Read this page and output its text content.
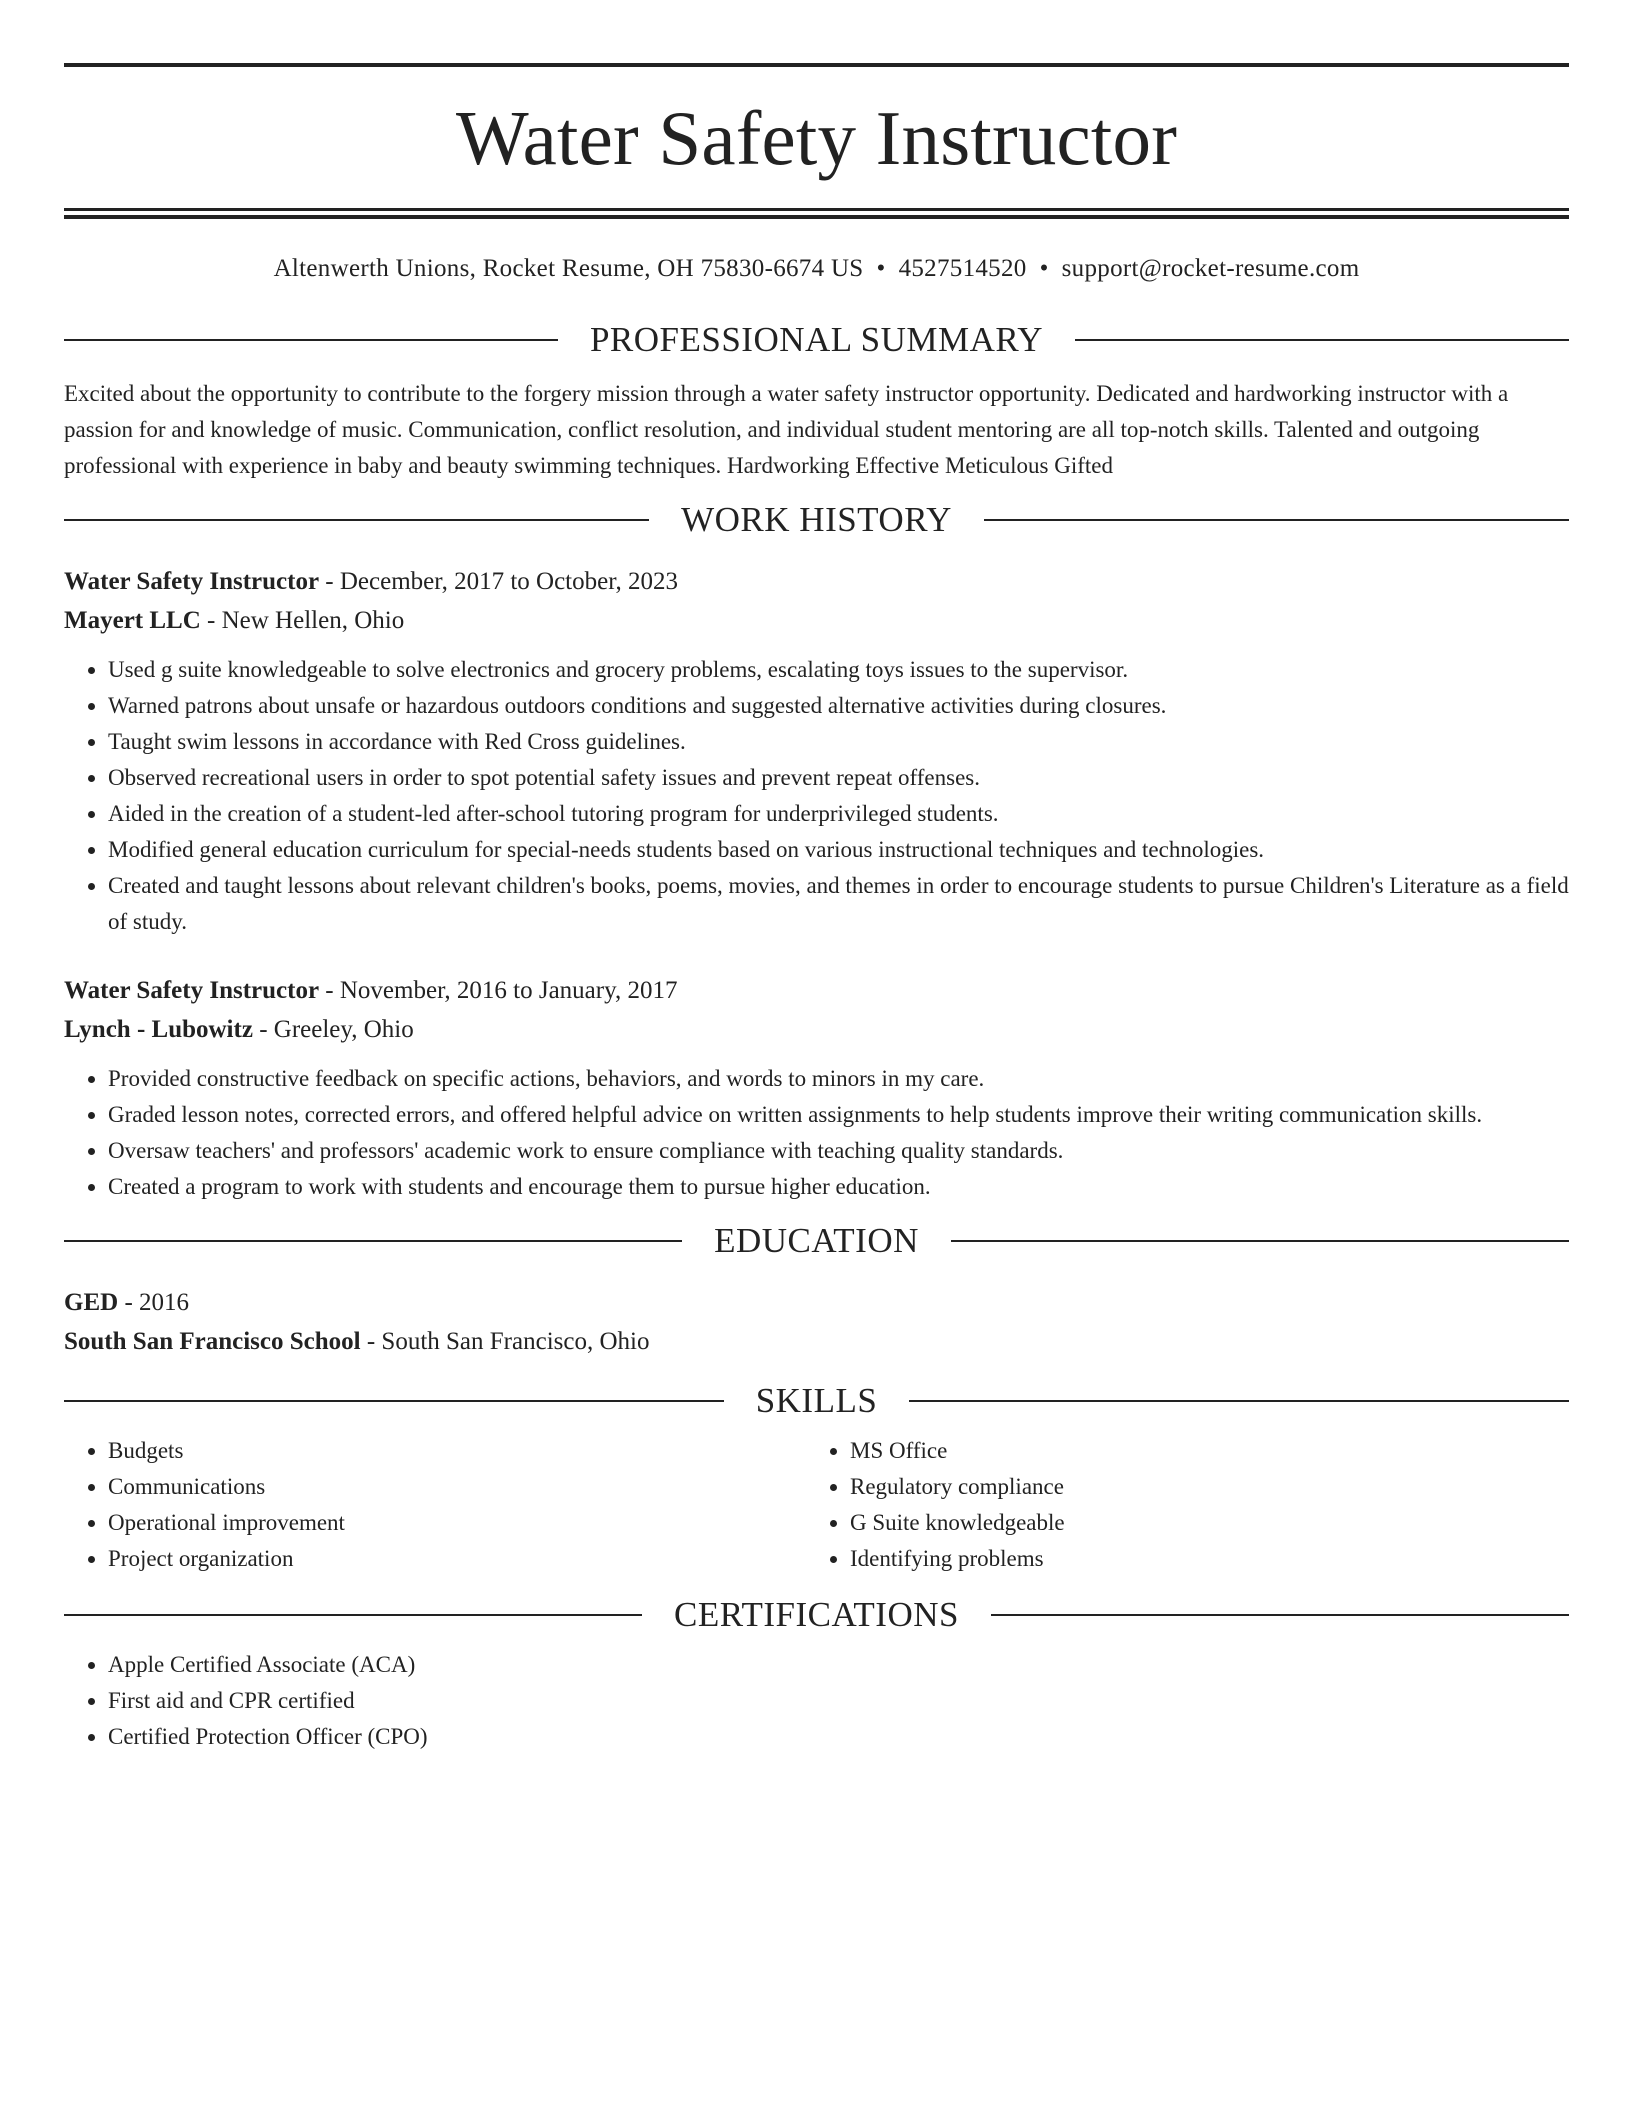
Water Safety Instructor
Altenwerth Unions, Rocket Resume, OH 75830-6674 US • 4527514520 • support@rocket-resume.com
PROFESSIONAL SUMMARY

Excited about the opportunity to contribute to the forgery mission through a water safety instructor opportunity. Dedicated and hardworking instructor with a passion for and knowledge of music. Communication, conflict resolution, and individual student mentoring are all top-notch skills. Talented and outgoing professional with experience in baby and beauty swimming techniques. Hardworking Effective Meticulous Gifted

WORK HISTORY
Water Safety Instructor - December, 2017 to October, 2023
Mayert LLC - New Hellen, Ohio
• Used g suite knowledgeable to solve electronics and grocery problems, escalating toys issues to the supervisor.
• Warned patrons about unsafe or hazardous outdoors conditions and suggested alternative activities during closures.
• Taught swim lessons in accordance with Red Cross guidelines.
• Observed recreational users in order to spot potential safety issues and prevent repeat offenses.
• Aided in the creation of a student-led after-school tutoring program for underprivileged students.
• Modified general education curriculum for special-needs students based on various instructional techniques and technologies.
• Created and taught lessons about relevant children's books, poems, movies, and themes in order to encourage students to pursue Children's Literature as a field of study.
Water Safety Instructor - November, 2016 to January, 2017
Lynch - Lubowitz - Greeley, Ohio
• Provided constructive feedback on specific actions, behaviors, and words to minors in my care.
• Graded lesson notes, corrected errors, and offered helpful advice on written assignments to help students improve their writing communication skills.
• Oversaw teachers' and professors' academic work to ensure compliance with teaching quality standards.
• Created a program to work with students and encourage them to pursue higher education.
EDUCATION
GED - 2016
South San Francisco School - South San Francisco, Ohio
SKILLS
• Budgets
• Communications
• Operational improvement
• Project organization
• MS Office
• Regulatory compliance
• G Suite knowledgeable
• Identifying problems
CERTIFICATIONS
• Apple Certified Associate (ACA)
• First aid and CPR certified
• Certified Protection Officer (CPO)
